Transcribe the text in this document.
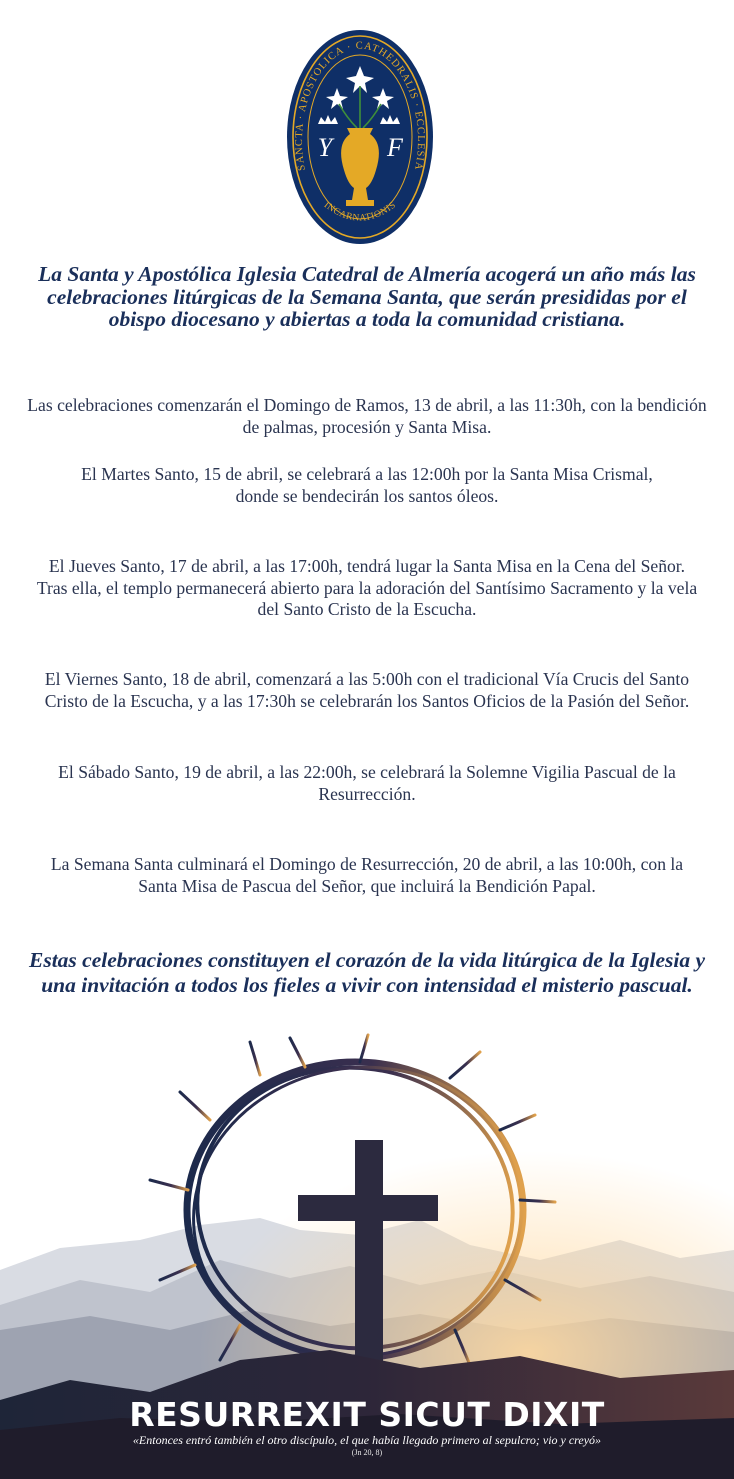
SANCTA · APOSTOLICA · CATHEDRALIS · ECCLESIA
INCARNATIONIS
Y F

La Santa y Apostólica Iglesia Catedral de Almería acogerá un año más las celebraciones litúrgicas de la Semana Santa, que serán presididas por el obispo diocesano y abiertas a toda la comunidad cristiana.

Las celebraciones comenzarán el Domingo de Ramos, 13 de abril, a las 11:30h, con la bendición de palmas, procesión y Santa Misa.

El Martes Santo, 15 de abril, se celebrará a las 12:00h por la Santa Misa Crismal, donde se bendecirán los santos óleos.

El Jueves Santo, 17 de abril, a las 17:00h, tendrá lugar la Santa Misa en la Cena del Señor. Tras ella, el templo permanecerá abierto para la adoración del Santísimo Sacramento y la vela del Santo Cristo de la Escucha.

El Viernes Santo, 18 de abril, comenzará a las 5:00h con el tradicional Vía Crucis del Santo Cristo de la Escucha, y a las 17:30h se celebrarán los Santos Oficios de la Pasión del Señor.

El Sábado Santo, 19 de abril, a las 22:00h, se celebrará la Solemne Vigilia Pascual de la Resurrección.

La Semana Santa culminará el Domingo de Resurrección, 20 de abril, a las 10:00h, con la Santa Misa de Pascua del Señor, que incluirá la Bendición Papal.

Estas celebraciones constituyen el corazón de la vida litúrgica de la Iglesia y una invitación a todos los fieles a vivir con intensidad el misterio pascual.

RESURREXIT SICUT DIXIT
«Entonces entró también el otro discípulo, el que había llegado primero al sepulcro; vio y creyó»
(Jn 20, 8)
